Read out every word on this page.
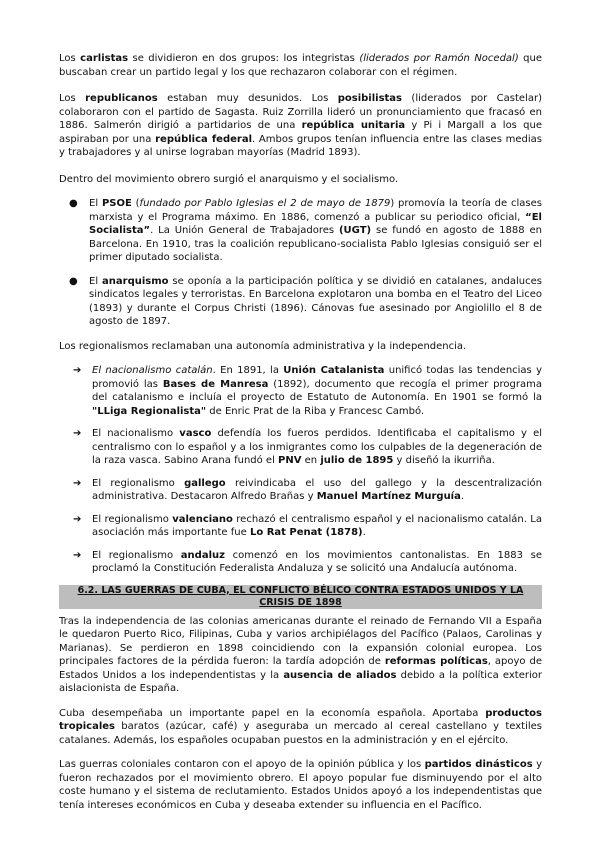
Los carlistas se dividieron en dos grupos: los integristas (liderados por Ramón Nocedal) que buscaban crear un partido legal y los que rechazaron colaborar con el régimen.

Los republicanos estaban muy desunidos. Los posibilistas (liderados por Castelar) colaboraron con el partido de Sagasta. Ruiz Zorrilla lideró un pronunciamiento que fracasó en 1886. Salmerón dirigió a partidarios de una república unitaria y Pi i Margall a los que aspiraban por una república federal. Ambos grupos tenían influencia entre las clases medias y trabajadores y al unirse lograban mayorías (Madrid 1893).

Dentro del movimiento obrero surgió el anarquismo y el socialismo.

● El PSOE (fundado por Pablo Iglesias el 2 de mayo de 1879) promovía la teoría de clases marxista y el Programa máximo. En 1886, comenzó a publicar su periodico oficial, “El Socialista”. La Unión General de Trabajadores (UGT) se fundó en agosto de 1888 en Barcelona. En 1910, tras la coalición republicano-socialista Pablo Iglesias consiguió ser el primer diputado socialista.
● El anarquismo se oponía a la participación política y se dividió en catalanes, andaluces sindicatos legales y terroristas. En Barcelona explotaron una bomba en el Teatro del Liceo (1893) y durante el Corpus Christi (1896). Cánovas fue asesinado por Angiolillo el 8 de agosto de 1897.

Los regionalismos reclamaban una autonomía administrativa y la independencia.

➔ El nacionalismo catalán. En 1891, la Unión Catalanista unificó todas las tendencias y promovió las Bases de Manresa (1892), documento que recogía el primer programa del catalanismo e incluía el proyecto de Estatuto de Autonomía. En 1901 se formó la "LLiga Regionalista" de Enric Prat de la Riba y Francesc Cambó.
➔ El nacionalismo vasco defendía los fueros perdidos. Identificaba el capitalismo y el centralismo con lo español y a los inmigrantes como los culpables de la degeneración de la raza vasca. Sabino Arana fundó el PNV en julio de 1895 y diseñó la ikurriña.
➔ El regionalismo gallego reivindicaba el uso del gallego y la descentralización administrativa. Destacaron Alfredo Brañas y Manuel Martínez Murguía.
➔ El regionalismo valenciano rechazó el centralismo español y el nacionalismo catalán. La asociación más importante fue Lo Rat Penat (1878).
➔ El regionalismo andaluz comenzó en los movimientos cantonalistas. En 1883 se proclamó la Constitución Federalista Andaluza y se solicitó una Andalucía autónoma.
6.2. LAS GUERRAS DE CUBA, EL CONFLICTO BÉLICO CONTRA ESTADOS UNIDOS Y LA CRISIS DE 1898

Tras la independencia de las colonias americanas durante el reinado de Fernando VII a España le quedaron Puerto Rico, Filipinas, Cuba y varios archipiélagos del Pacífico (Palaos, Carolinas y Marianas). Se perdieron en 1898 coincidiendo con la expansión colonial europea. Los principales factores de la pérdida fueron: la tardía adopción de reformas políticas, apoyo de Estados Unidos a los independentistas y la ausencia de aliados debido a la política exterior aislacionista de España.

Cuba desempeñaba un importante papel en la economía española. Aportaba productos tropicales baratos (azúcar, café) y aseguraba un mercado al cereal castellano y textiles catalanes. Además, los españoles ocupaban puestos en la administración y en el ejército.

Las guerras coloniales contaron con el apoyo de la opinión pública y los partidos dinásticos y fueron rechazados por el movimiento obrero. El apoyo popular fue disminuyendo por el alto coste humano y el sistema de reclutamiento. Estados Unidos apoyó a los independentistas que tenía intereses económicos en Cuba y deseaba extender su influencia en el Pacífico.
